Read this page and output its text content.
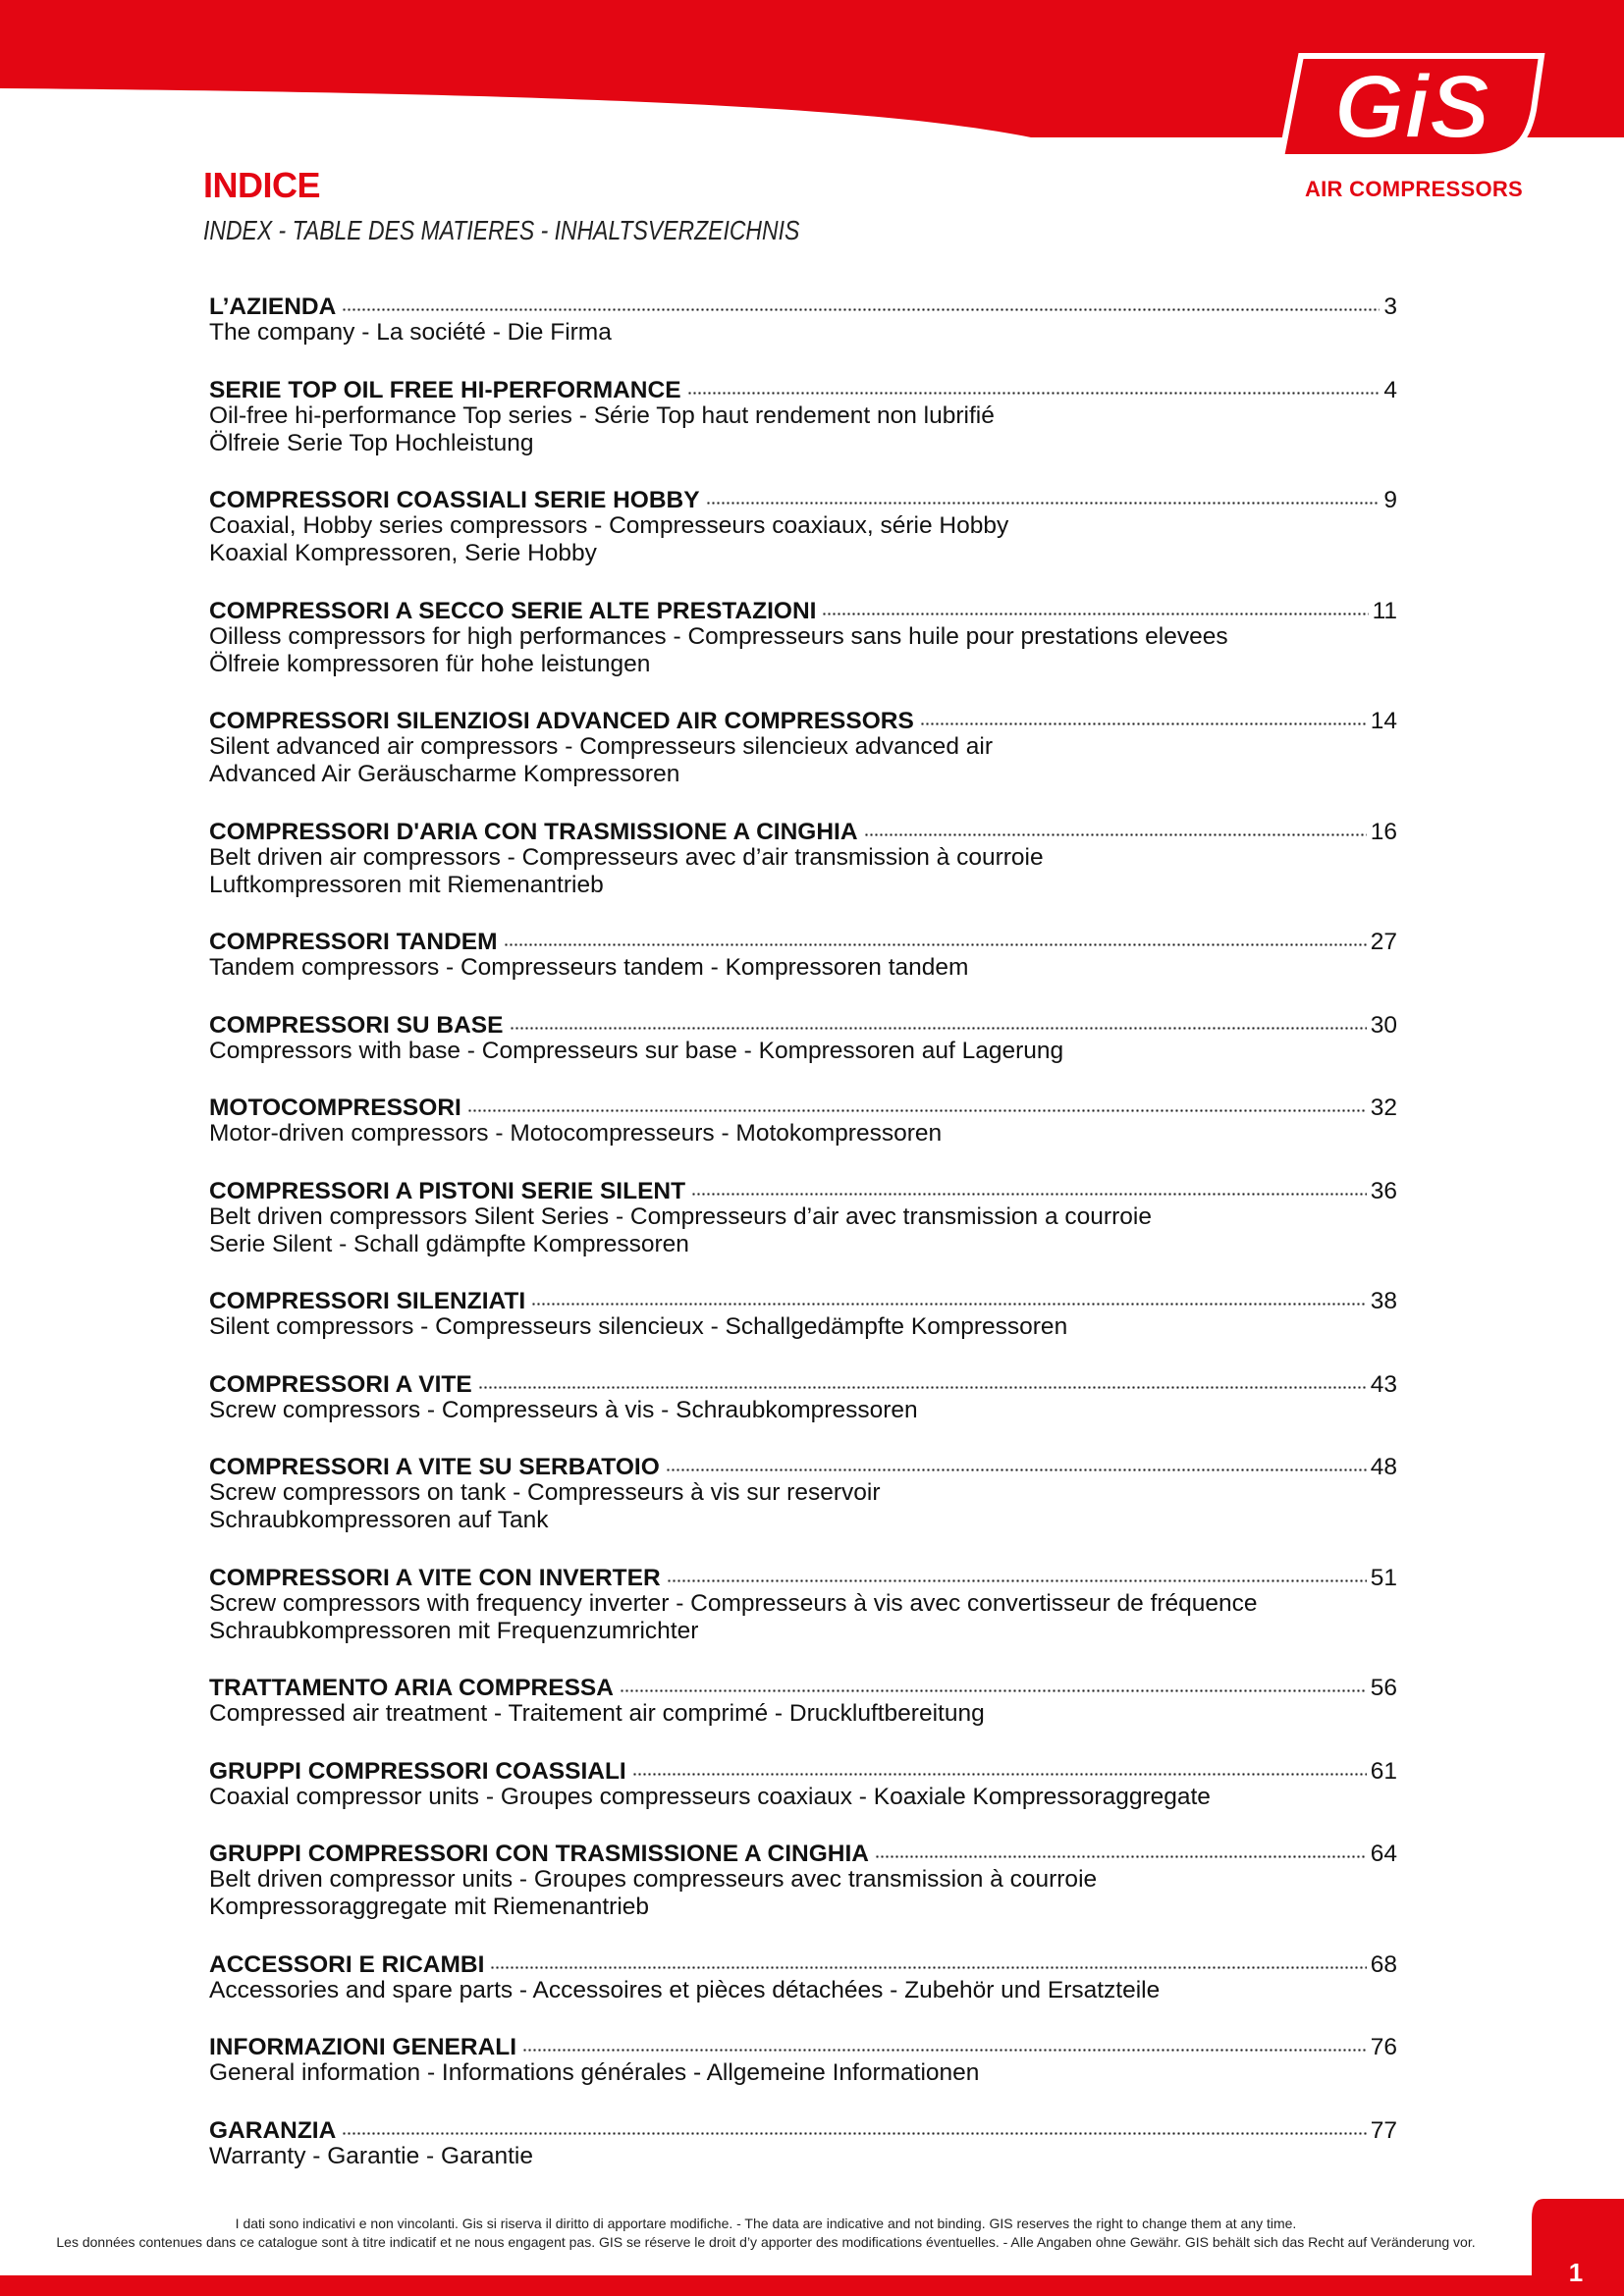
GiS
AIR COMPRESSORS
INDICE
INDEX - TABLE DES MATIERES - INHALTSVERZEICHNIS
L’AZIENDA	3
The company - La société - Die Firma
SERIE TOP OIL FREE HI-PERFORMANCE	4
Oil-free hi-performance Top series - Série Top haut rendement non lubrifié
Ölfreie Serie Top Hochleistung
COMPRESSORI COASSIALI SERIE HOBBY	9
Coaxial, Hobby series compressors - Compresseurs coaxiaux, série Hobby
Koaxial Kompressoren, Serie Hobby
COMPRESSORI A SECCO SERIE ALTE PRESTAZIONI	11
Oilless compressors for high performances - Compresseurs sans huile pour prestations elevees
Ölfreie kompressoren für hohe leistungen
COMPRESSORI SILENZIOSI ADVANCED AIR COMPRESSORS	14
Silent advanced air compressors - Compresseurs silencieux advanced air
Advanced Air Geräuscharme Kompressoren
COMPRESSORI D'ARIA CON TRASMISSIONE A CINGHIA	16
Belt driven air compressors - Compresseurs avec d’air transmission à courroie
Luftkompressoren mit Riemenantrieb
COMPRESSORI TANDEM	27
Tandem compressors - Compresseurs tandem - Kompressoren tandem
COMPRESSORI SU BASE	30
Compressors with base - Compresseurs sur base - Kompressoren auf Lagerung
MOTOCOMPRESSORI	32
Motor-driven compressors - Motocompresseurs - Motokompressoren
COMPRESSORI A PISTONI SERIE SILENT	36
Belt driven compressors Silent Series - Compresseurs d’air avec transmission a courroie
Serie Silent - Schall gdämpfte Kompressoren
COMPRESSORI SILENZIATI	38
Silent compressors - Compresseurs silencieux - Schallgedämpfte Kompressoren
COMPRESSORI A VITE	43
Screw compressors - Compresseurs à vis - Schraubkompressoren
COMPRESSORI A VITE SU SERBATOIO	48
Screw compressors on tank - Compresseurs à vis sur reservoir
Schraubkompressoren auf Tank
COMPRESSORI A VITE CON INVERTER	51
Screw compressors with frequency inverter - Compresseurs à vis avec convertisseur de fréquence
Schraubkompressoren mit Frequenzumrichter
TRATTAMENTO ARIA COMPRESSA	56
Compressed air treatment - Traitement air comprimé - Druckluftbereitung
GRUPPI COMPRESSORI COASSIALI	61
Coaxial compressor units - Groupes compresseurs coaxiaux - Koaxiale Kompressoraggregate
GRUPPI COMPRESSORI CON TRASMISSIONE A CINGHIA	64
Belt driven compressor units - Groupes compresseurs avec transmission à courroie
Kompressoraggregate mit Riemenantrieb
ACCESSORI E RICAMBI	68
Accessories and spare parts - Accessoires et pièces détachées - Zubehör und Ersatzteile
INFORMAZIONI GENERALI	76
General information - Informations générales - Allgemeine Informationen
GARANZIA	77
Warranty - Garantie - Garantie
I dati sono indicativi e non vincolanti. Gis si riserva il diritto di apportare modifiche. - The data are indicative and not binding. GIS reserves the right to change them at any time.
Les données contenues dans ce catalogue sont à titre indicatif et ne nous engagent pas. GIS se réserve le droit d’y apporter des modifications éventuelles. - Alle Angaben ohne Gewähr. GIS behält sich das Recht auf Veränderung vor.
1
